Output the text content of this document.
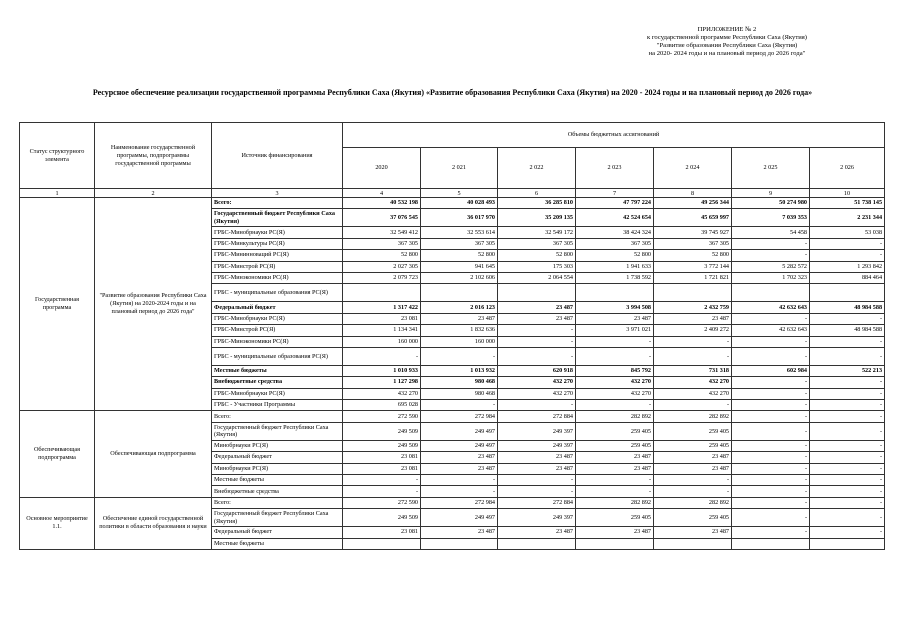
ПРИЛОЖЕНИЕ № 2
к государственной программе Республики Саха (Якутия)
"Развитие образования Республики Саха (Якутия)
на 2020- 2024 годы и на плановый период до 2026 года"
Ресурсное обеспечение реализации государственной программы Республики Саха (Якутия) «Развитие образования Республики Саха (Якутия) на 2020 - 2024 годы и на плановый период до 2026 года»
Статус структурного элемента	Наименование государственной программы, подпрограммы государственной программы	Источник финансирования	Объемы бюджетных ассигнований						
			2020	2 021	2 022	2 023	2 024	2 025	2 026
1	2	3	4	5	6	7	8	9	10
Государственная программа	"Развитие образования Республики Саха (Якутия) на 2020-2024 годы и на плановый период до 2026 года"	Всего:	40 532 198	40 028 493	36 285 810	47 797 224	49 256 344	50 274 980	51 738 145
		Государственный бюджет Республики Саха (Якутия)	37 076 545	36 017 970	35 209 135	42 524 654	45 659 997	7 039 353	2 231 344
		ГРБС-Минобрнауки РС(Я)	32 549 412	32 553 614	32 549 172	38 424 324	39 745 927	54 458	53 038
		ГРБС-Минкультуры РС(Я)	367 305	367 305	367 305	367 305	367 305	-	-
		ГРБС-Мининноваций РС(Я)	52 800	52 800	52 800	52 800	52 800	-	-
		ГРБС-Минстрой РС(Я)	2 027 305	941 645	175 303	1 941 633	3 772 144	5 282 572	1 293 842
		ГРБС-Минэкономики РС(Я)	2 079 723	2 102 606	2 064 554	1 738 592	1 721 821	1 702 323	884 464
		ГРБС - муниципальные образования РС(Я)							
		Федеральный бюджет	1 317 422	2 016 123	23 487	3 994 508	2 432 759	42 632 643	48 984 588
		ГРБС-Минобрнауки РС(Я)	23 081	23 487	23 487	23 487	23 487	-	-
		ГРБС-Минстрой РС(Я)	1 134 341	1 832 636	-	3 971 021	2 409 272	42 632 643	48 984 588
		ГРБС-Минэкономики РС(Я)	160 000	160 000	-	-	-	-	-
		ГРБС - муниципальные образования РС(Я)	-	-	-	-	-	-	-
		Местные бюджеты	1 010 933	1 013 932	620 918	845 792	731 318	602 984	522 213
		Внебюджетные средства	1 127 298	980 468	432 270	432 270	432 270	-	-
		ГРБС-Минобрнауки РС(Я)	432 270	980 468	432 270	432 270	432 270	-	-
		ГРБС - Участники Программы	695 028	-	-	-	-	-	-
Обеспечивающая подпрограмма	Обеспечивающая подпрограмма	Всего:	272 590	272 984	272 884	282 892	282 892	-	-
		Государственный бюджет Республики Саха (Якутия)	249 509	249 497	249 397	259 405	259 405	-	-
		Минобрнауки РС(Я)	249 509	249 497	249 397	259 405	259 405	-	-
		Федеральный бюджет	23 081	23 487	23 487	23 487	23 487	-	-
		Минобрнауки РС(Я)	23 081	23 487	23 487	23 487	23 487	-	-
		Местные бюджеты	-	-	-	-	-	-	-
		Внебюджетные средства	-	-	-	-	-	-	-
Основное мероприятие 1.1.	Обеспечение единой государственной политики в области образования и науки	Всего:	272 590	272 984	272 884	282 892	282 892	-	-
		Государственный бюджет Республики Саха (Якутия)	249 509	249 497	249 397	259 405	259 405	-	-
		Федеральный бюджет	23 081	23 487	23 487	23 487	23 487	-	-
		Местные бюджеты							
